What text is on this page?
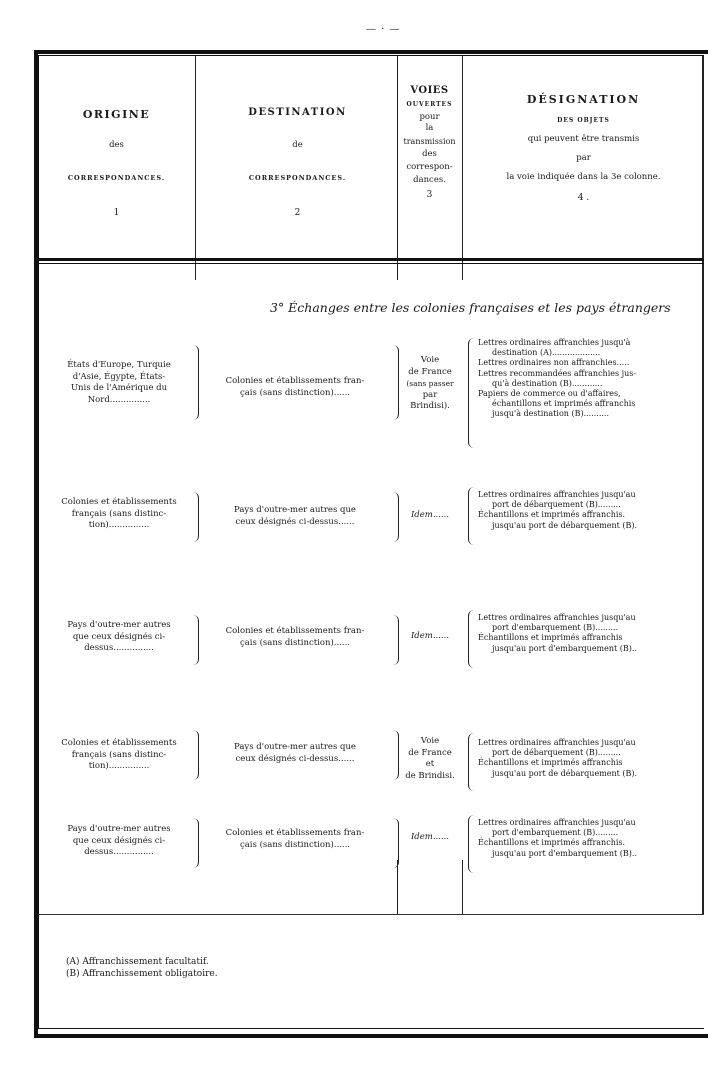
— · —
ORIGINE
des
CORRESPONDANCES.
1
DESTINATION
de
CORRESPONDANCES.
2
VOIES
OUVERTES
pour
la
transmission
des
correspon-
dances.
3
DÉSIGNATION
DES OBJETS
qui peuvent être transmis
par
la voie indiquée dans la 3e colonne.
4 .
3° Échanges entre les colonies françaises et les pays étrangers
États d'Europe, Turquie
d'Asie, Égypte, États-
Unis de l'Amérique du
Nord...............
Colonies et établissements fran-
çais (sans distinction)......
Voie
de France
(sans passer
par
Brindisi).
Lettres ordinaires affranchies jusqu'à
destination (A)...................
Lettres ordinaires non affranchies.....
Lettres recommandées affranchies jus-
qu'à destination (B)............
Papiers de commerce ou d'affaires,
échantillons et imprimés affranchis
jusqu'à destination (B)..........
Colonies et établissements
français (sans distinc-
tion)...............
Pays d'outre-mer autres que
ceux désignés ci-dessus......
Idem......
Lettres ordinaires affranchies jusqu'au
port de débarquement (B).........
Échantillons et imprimés affranchis.
jusqu'au port de débarquement (B).
Pays d'outre-mer autres
que ceux désignés ci-
dessus...............
Colonies et établissements fran-
çais (sans distinction)......
Idem......
Lettres ordinaires affranchies jusqu'au
port d'embarquement (B).........
Échantillons et imprimés affranchis
jusqu'au port d'embarquement (B)..
Colonies et établissements
français (sans distinc-
tion)...............
Pays d'outre-mer autres que
ceux désignés ci-dessus......
Voie
de France
et
de Brindisi.
Lettres ordinaires affranchies jusqu'au
port de débarquement (B).........
Échantillons et imprimés affranchis
jusqu'au port de débarquement (B).
Pays d'outre-mer autres
que ceux désignés ci-
dessus...............
Colonies et établissements fran-
çais (sans distinction)......
Idem......
Lettres ordinaires affranchies jusqu'au
port d'embarquement (B).........
Échantillons et imprimés affranchis.
jusqu'au port d'embarquement (B)..
(A) Affranchissement facultatif.
(B) Affranchissement obligatoire.
